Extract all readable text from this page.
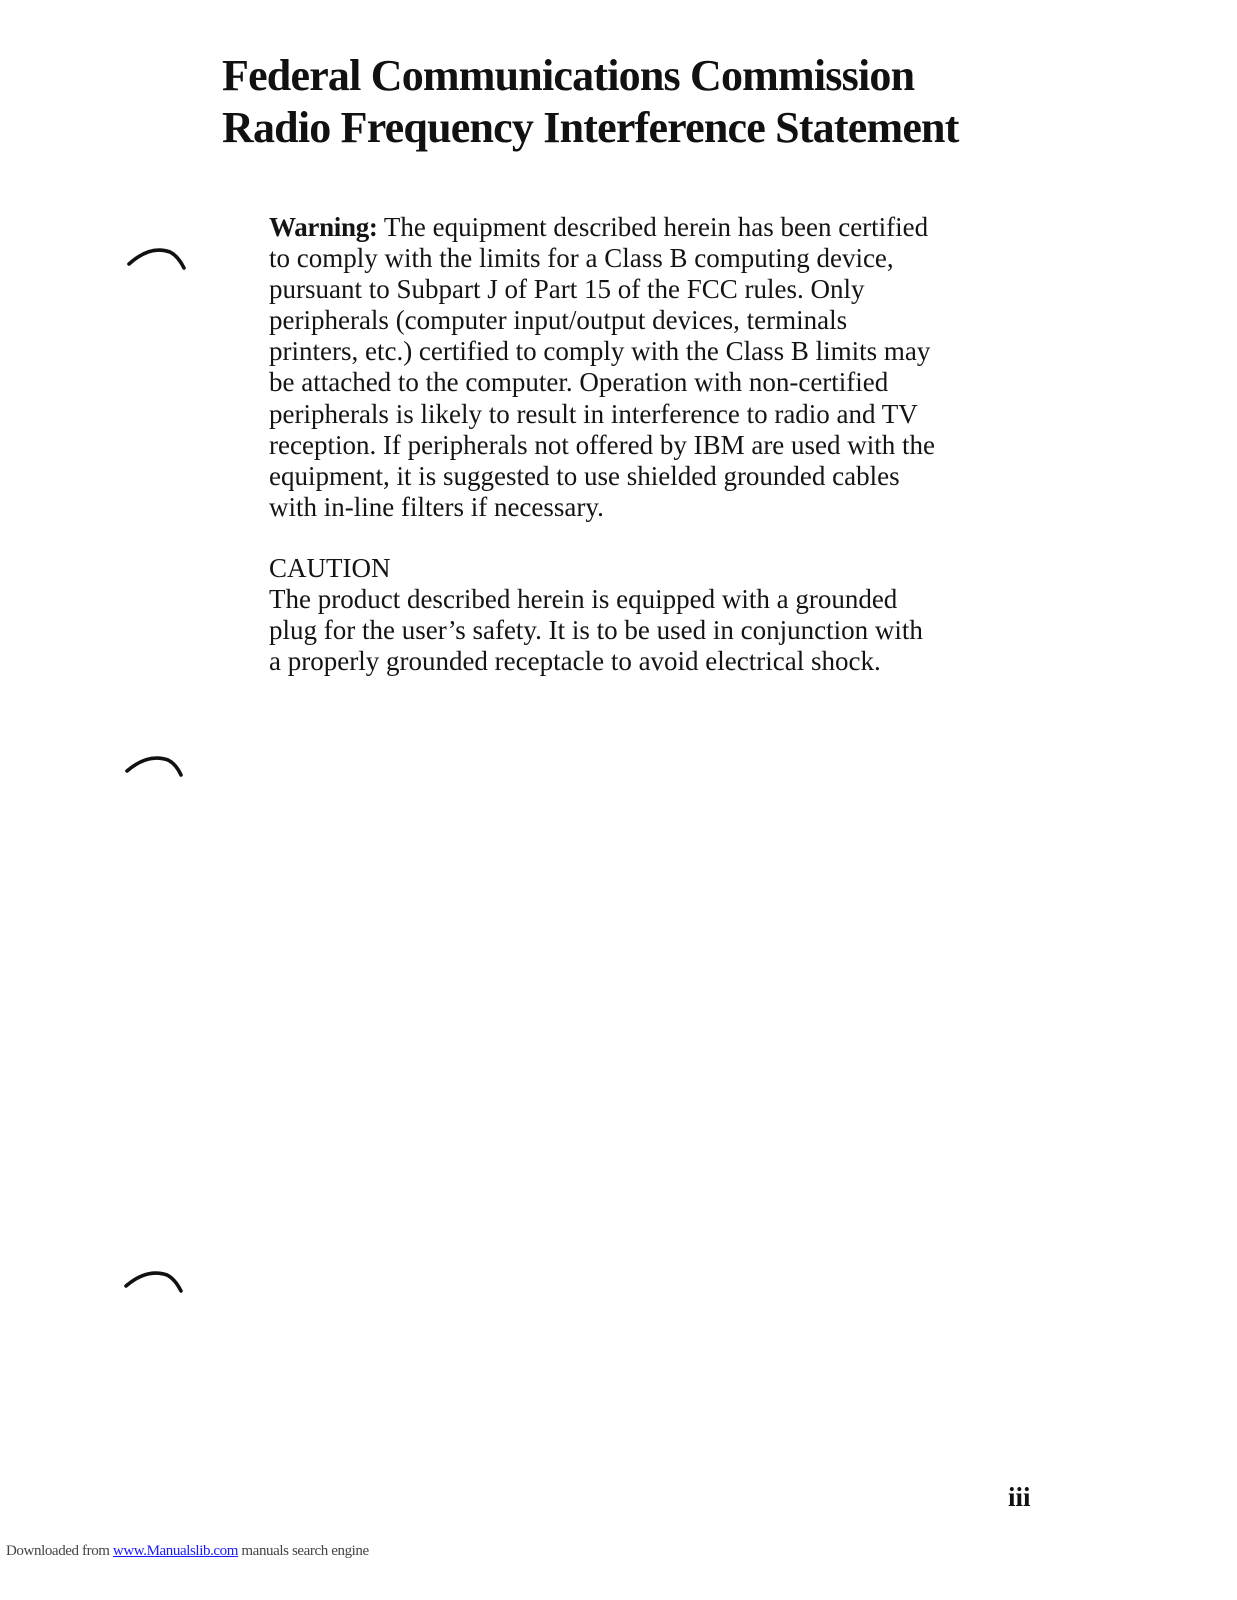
Federal Communications Commission
Radio Frequency Interference Statement

Warning: The equipment described herein has been certified
to comply with the limits for a Class B computing device,
pursuant to Subpart J of Part 15 of the FCC rules. Only
peripherals (computer input/output devices, terminals
printers, etc.) certified to comply with the Class B limits may
be attached to the computer. Operation with non-certified
peripherals is likely to result in interference to radio and TV
reception. If peripherals not offered by IBM are used with the
equipment, it is suggested to use shielded grounded cables
with in-line filters if necessary.

CAUTION

The product described herein is equipped with a grounded
plug for the user’s safety. It is to be used in conjunction with
a properly grounded receptacle to avoid electrical shock.

iii
Downloaded from www.Manualslib.com manuals search engine
